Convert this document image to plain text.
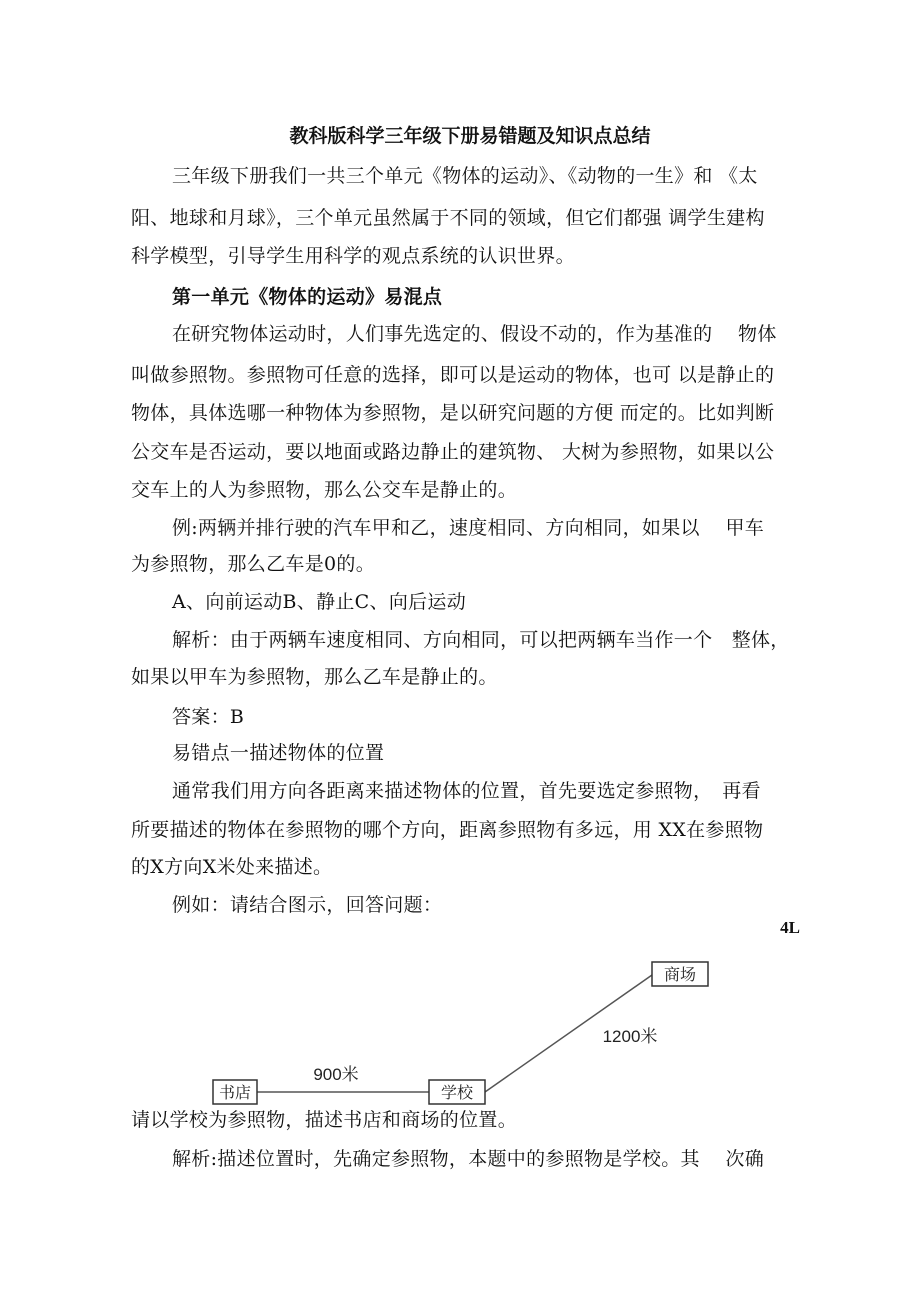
教科版科学三年级下册易错题及知识点总结
三年级下册我们一共三个单元《物体的运动》、《动物的一生》和 《太
阳、地球和月球》，三个单元虽然属于不同的领域，但它们都强 调学生建构
科学模型，引导学生用科学的观点系统的认识世界。
第一单元《物体的运动》易混点
在研究物体运动时，人们事先选定的、假设不动的，作为基准的　 物体
叫做参照物。参照物可任意的选择，即可以是运动的物体，也可 以是静止的
物体，具体选哪一种物体为参照物，是以研究问题的方便 而定的。比如判断
公交车是否运动，要以地面或路边静止的建筑物、 大树为参照物，如果以公
交车上的人为参照物，那么公交车是静止的。
例:两辆并排行驶的汽车甲和乙，速度相同、方向相同，如果以　 甲车
为参照物，那么乙车是0的。
A、向前运动B、静止C、向后运动
解析：由于两辆车速度相同、方向相同，可以把两辆车当作一个　整体，
如果以甲车为参照物，那么乙车是静止的。
答案：B
易错点一描述物体的位置
通常我们用方向各距离来描述物体的位置，首先要选定参照物，　再看
所要描述的物体在参照物的哪个方向，距离参照物有多远，用 XX在参照物
的X方向X米处来描述。
例如：请结合图示，回答问题：
4L
书店	学校
商场
900米
1200米
请以学校为参照物，描述书店和商场的位置。
解析:描述位置时，先确定参照物，本题中的参照物是学校。其　 次确
